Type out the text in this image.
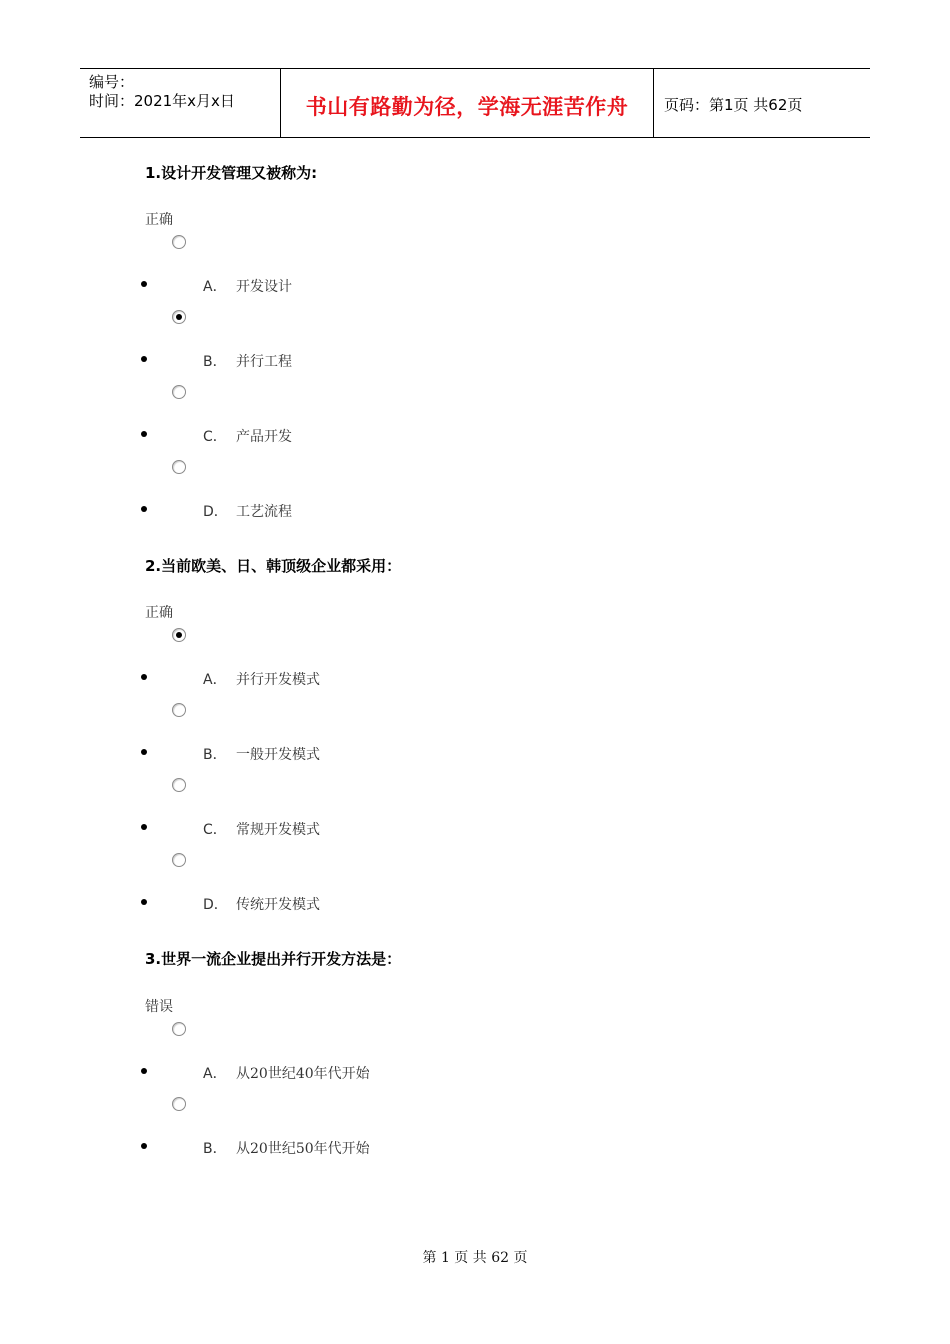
编号：
时间：2021年x月x日	书山有路勤为径，学海无涯苦作舟	页码：第1页 共62页
1.设计开发管理又被称为:
正确
A． 开发设计
B． 并行工程
C． 产品开发
D． 工艺流程
2.当前欧美、日、韩顶级企业都采用：
正确
A． 并行开发模式
B． 一般开发模式
C． 常规开发模式
D． 传统开发模式
3.世界一流企业提出并行开发方法是：
错误
A． 从20世纪40年代开始
B． 从20世纪50年代开始
第 1 页 共 62 页
